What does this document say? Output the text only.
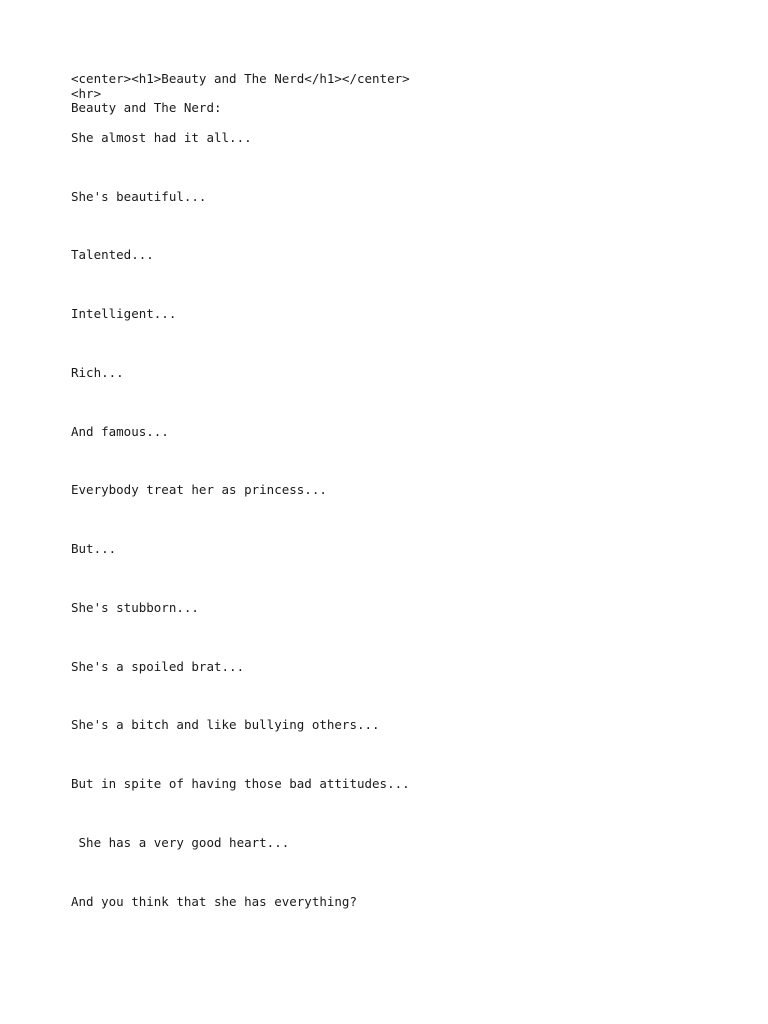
<center><h1>Beauty and The Nerd</h1></center>
<hr>
Beauty and The Nerd:
She almost had it all...
She's beautiful...
Talented...
Intelligent...
Rich...
And famous...
Everybody treat her as princess...
But...
She's stubborn...
She's a spoiled brat...
She's a bitch and like bullying others...
But in spite of having those bad attitudes...
She has a very good heart...
And you think that she has everything?
